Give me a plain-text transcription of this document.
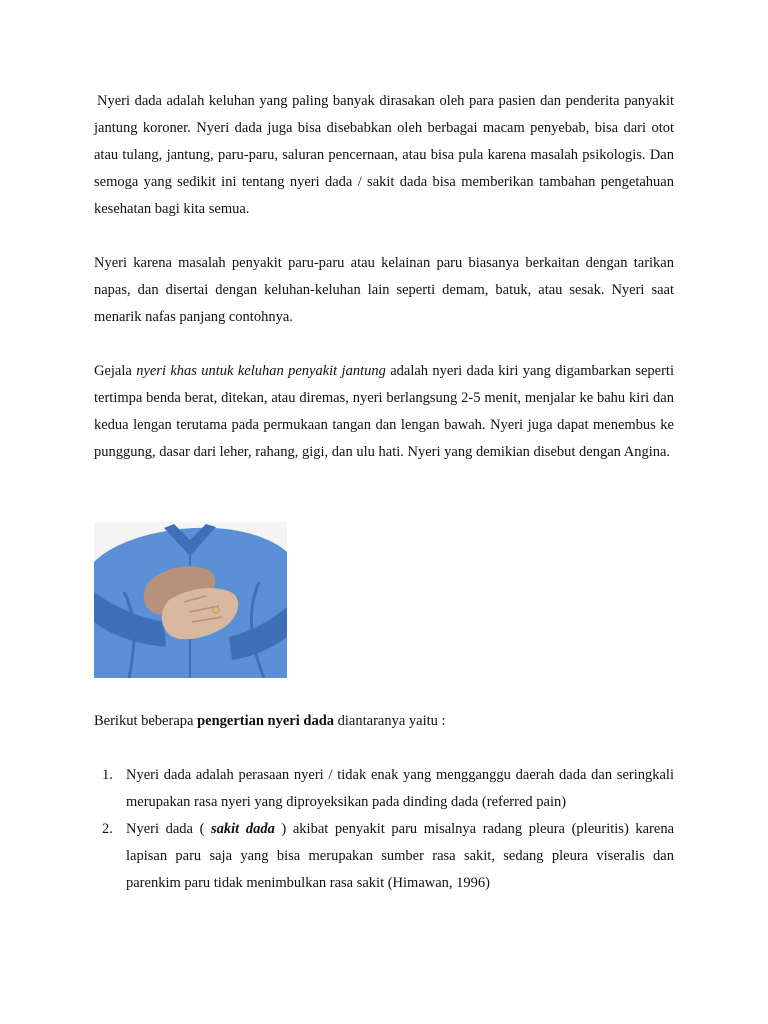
Nyeri dada adalah keluhan yang paling banyak dirasakan oleh para pasien dan penderita panyakit jantung koroner. Nyeri dada juga bisa disebabkan oleh berbagai macam penyebab, bisa dari otot atau tulang, jantung, paru-paru, saluran pencernaan, atau bisa pula karena masalah psikologis. Dan semoga yang sedikit ini tentang nyeri dada / sakit dada bisa memberikan tambahan pengetahuan kesehatan bagi kita semua.

Nyeri karena masalah penyakit paru-paru atau kelainan paru biasanya berkaitan dengan tarikan napas, dan disertai dengan keluhan-keluhan lain seperti demam, batuk, atau sesak. Nyeri saat menarik nafas panjang contohnya.

Gejala nyeri khas untuk keluhan penyakit jantung adalah nyeri dada kiri yang digambarkan seperti tertimpa benda berat, ditekan, atau diremas, nyeri berlangsung 2-5 menit, menjalar ke bahu kiri dan kedua lengan terutama pada permukaan tangan dan lengan bawah. Nyeri juga dapat menembus ke punggung, dasar dari leher, rahang, gigi, dan ulu hati. Nyeri yang demikian disebut dengan Angina.

Berikut beberapa pengertian nyeri dada diantaranya yaitu :

1. Nyeri dada adalah perasaan nyeri / tidak enak yang mengganggu daerah dada dan seringkali merupakan rasa nyeri yang diproyeksikan pada dinding dada (referred pain)
2. Nyeri dada ( sakit dada ) akibat penyakit paru misalnya radang pleura (pleuritis) karena lapisan paru saja yang bisa merupakan sumber rasa sakit, sedang pleura viseralis dan parenkim paru tidak menimbulkan rasa sakit (Himawan, 1996)
